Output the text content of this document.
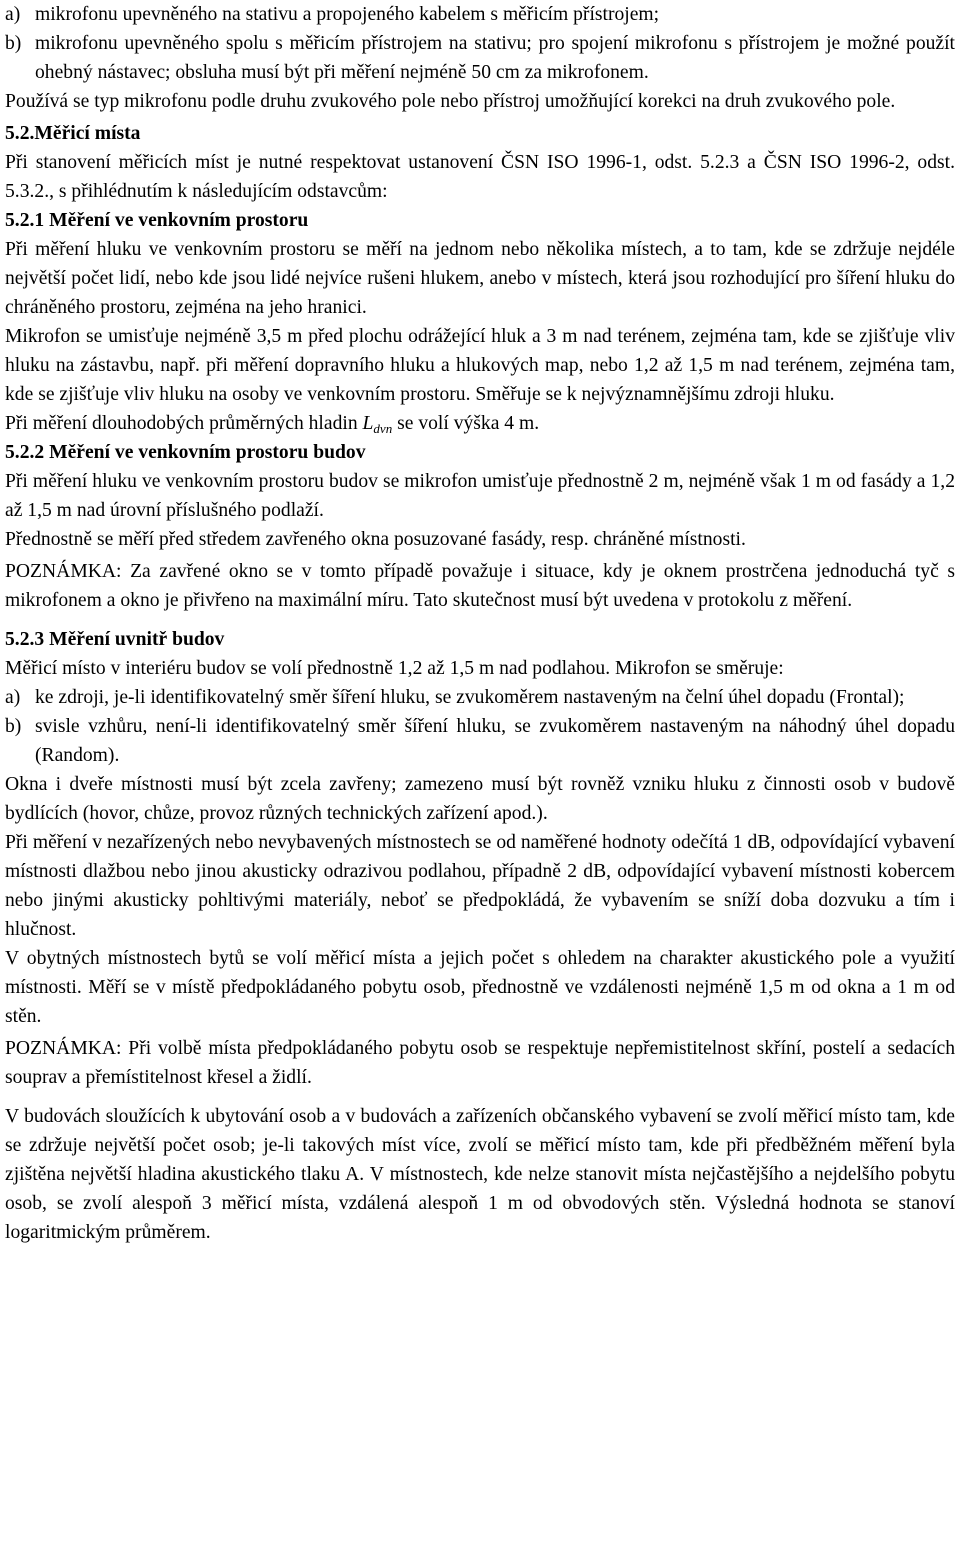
a) mikrofonu upevněného na stativu a propojeného kabelem s měřicím přístrojem;
b) mikrofonu upevněného spolu s měřicím přístrojem na stativu; pro spojení mikrofonu s přístrojem je možné použít ohebný nástavec; obsluha musí být při měření nejméně 50 cm za mikrofonem.

Používá se typ mikrofonu podle druhu zvukového pole nebo přístroj umožňující korekci na druh zvukového pole.

5.2.Měřicí místa

Při stanovení měřicích míst je nutné respektovat ustanovení ČSN ISO 1996-1, odst. 5.2.3 a ČSN ISO 1996-2, odst. 5.3.2., s přihlédnutím k následujícím odstavcům:

5.2.1 Měření ve venkovním prostoru

Při měření hluku ve venkovním prostoru se měří na jednom nebo několika místech, a to tam, kde se zdržuje nejdéle největší počet lidí, nebo kde jsou lidé nejvíce rušeni hlukem, anebo v místech, která jsou rozhodující pro šíření hluku do chráněného prostoru, zejména na jeho hranici.

Mikrofon se umisťuje nejméně 3,5 m před plochu odrážející hluk a 3 m nad terénem, zejména tam, kde se zjišťuje vliv hluku na zástavbu, např. při měření dopravního hluku a hlukových map, nebo 1,2 až 1,5 m nad terénem, zejména tam, kde se zjišťuje vliv hluku na osoby ve venkovním prostoru. Směřuje se k nejvýznamnějšímu zdroji hluku.

Při měření dlouhodobých průměrných hladin $L_{dvn}$ se volí výška 4 m.

5.2.2 Měření ve venkovním prostoru budov

Při měření hluku ve venkovním prostoru budov se mikrofon umisťuje přednostně 2 m, nejméně však 1 m od fasády a 1,2 až 1,5 m nad úrovní příslušného podlaží.

Přednostně se měří před středem zavřeného okna posuzované fasády, resp. chráněné místnosti.

POZNÁMKA: Za zavřené okno se v tomto případě považuje i situace, kdy je oknem prostrčena jednoduchá tyč s mikrofonem a okno je přivřeno na maximální míru. Tato skutečnost musí být uvedena v protokolu z měření.

5.2.3 Měření uvnitř budov

Měřicí místo v interiéru budov se volí přednostně 1,2 až 1,5 m nad podlahou. Mikrofon se směruje:

a) ke zdroji, je-li identifikovatelný směr šíření hluku, se zvukoměrem nastaveným na čelní úhel dopadu (Frontal);
b) svisle vzhůru, není-li identifikovatelný směr šíření hluku, se zvukoměrem nastaveným na náhodný úhel dopadu (Random).

Okna i dveře místnosti musí být zcela zavřeny; zamezeno musí být rovněž vzniku hluku z činnosti osob v budově bydlících (hovor, chůze, provoz různých technických zařízení apod.).

Při měření v nezařízených nebo nevybavených místnostech se od naměřené hodnoty odečítá 1 dB, odpovídající vybavení místnosti dlažbou nebo jinou akusticky odrazivou podlahou, případně 2 dB, odpovídající vybavení místnosti kobercem nebo jinými akusticky pohltivými materiály, neboť se předpokládá, že vybavením se sníží doba dozvuku a tím i hlučnost.

V obytných místnostech bytů se volí měřicí místa a jejich počet s ohledem na charakter akustického pole a využití místnosti. Měří se v místě předpokládaného pobytu osob, přednostně ve vzdálenosti nejméně 1,5 m od okna a 1 m od stěn.

POZNÁMKA: Při volbě místa předpokládaného pobytu osob se respektuje nepřemistitelnost skříní, postelí a sedacích souprav a přemístitelnost křesel a židlí.

V budovách sloužících k ubytování osob a v budovách a zařízeních občanského vybavení se zvolí měřicí místo tam, kde se zdržuje největší počet osob; je-li takových míst více, zvolí se měřicí místo tam, kde při předběžném měření byla zjištěna největší hladina akustického tlaku A. V místnostech, kde nelze stanovit místa nejčastějšího a nejdelšího pobytu osob, se zvolí alespoň 3 měřicí místa, vzdálená alespoň 1 m od obvodových stěn. Výsledná hodnota se stanoví logaritmickým průměrem.
